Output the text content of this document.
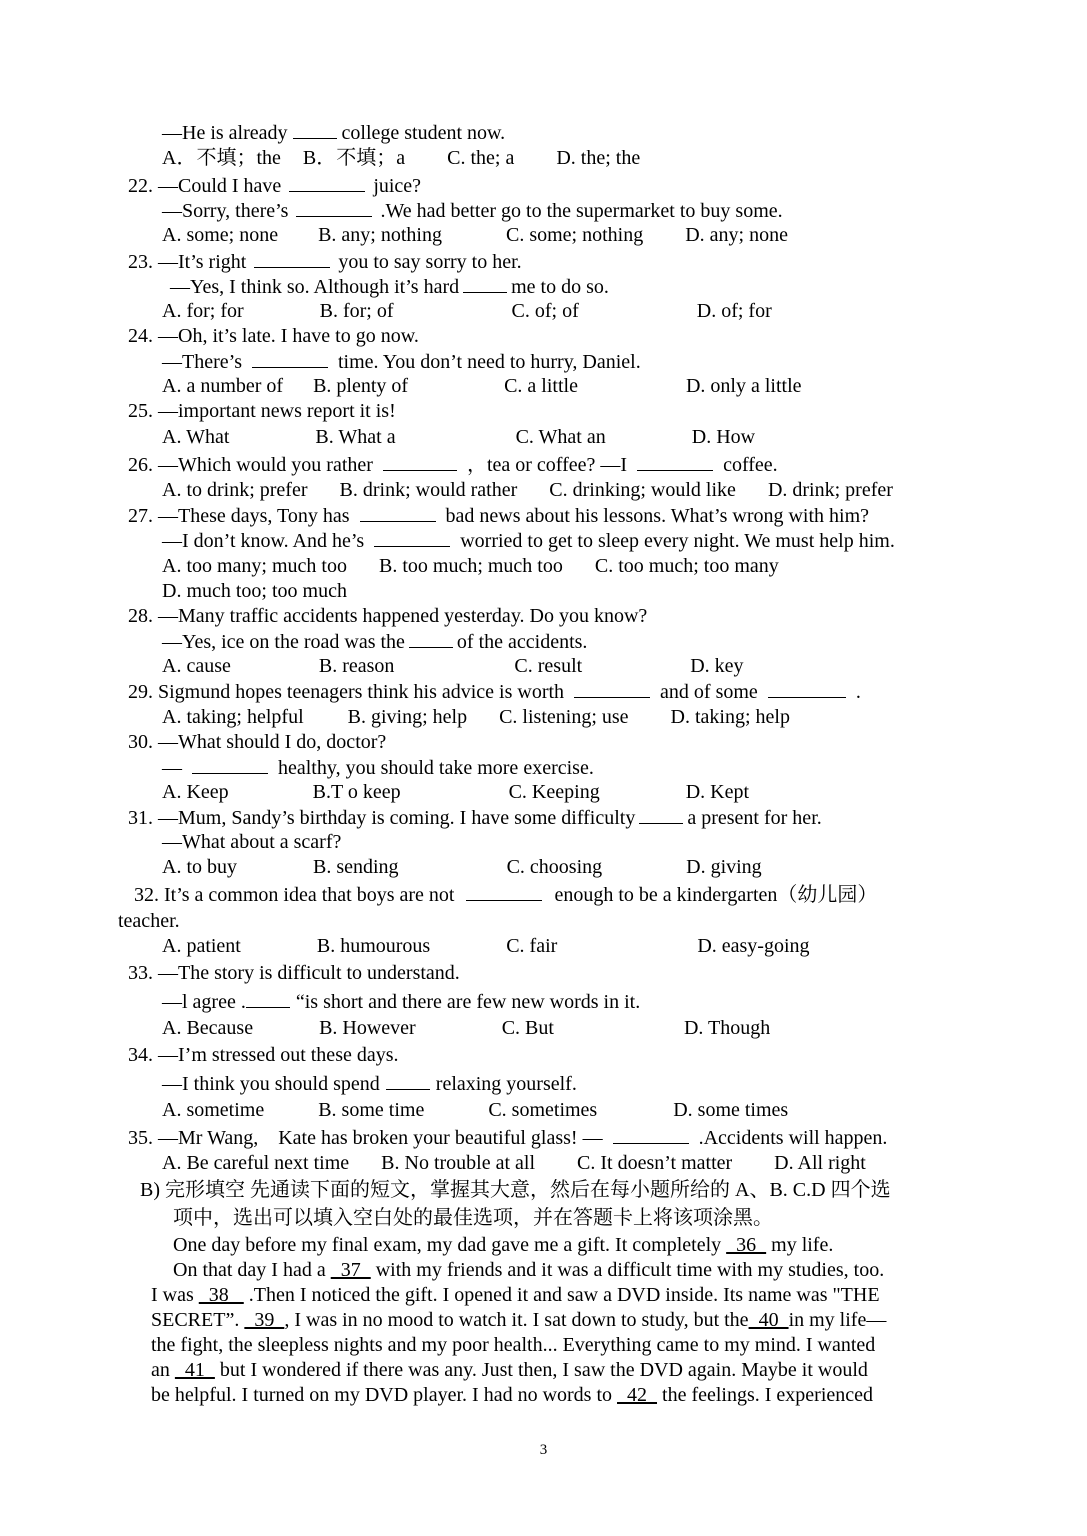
—He is already  college student now.
A．不填；the B．不填；a C. the; a D. the; the
22. —Could I have	juice?
—Sorry, there’s	.We had better go to the supermarket to buy some.
A. some; none B. any; nothing	C. some; nothing D. any; none
23. —It’s right	you to say sorry to her.
—Yes, I think so. Although it’s hard	me to do so.
A. for; for	B. for; of	C. of; of	D. of; for
24. —Oh, it’s late. I have to go now.
—There’s	time. You don’t need to hurry, Daniel.
A. a number of B. plenty of	C. a little	D. only a little
25. —important news report it is!
A. What	B. What a	C. What an	D. How
26. —Which would you rather	，tea or coffee? —I	coffee.
A. to drink; prefer B. drink; would rather C. drinking; would like D. drink; prefer
27. —These days, Tony has	bad news about his lessons. What’s wrong with him?
—I don’t know. And he’s	worried to get to sleep every night. We must help him.
A. too many; much too B. too much; much too C. too much; too many
D. much too; too much
28. —Many traffic accidents happened yesterday. Do you know?
—Yes, ice on the road was the	of the accidents.
A. cause	B. reason	C. result	D. key
29. Sigmund hopes teenagers think his advice is worth	and of some	.
A. taking; helpful B. giving; help C. listening; use D. taking; help
30. —What should I do, doctor?
—	healthy, you should take more exercise.
A. Keep	B.T o keep	C. Keeping	D. Kept
31. —Mum, Sandy’s birthday is coming. I have some difficulty	a present for her.
—What about a scarf?
A. to buy	B. sending	C. choosing	D. giving
32. It’s a common idea that boys are not	enough to be a kindergarten（幼儿园）
teacher.
A. patient	B. humourous	C. fair	D. easy-going
33. —The story is difficult to understand.
—l agree .	“is short and there are few new words in it.
A. Because	B. However	C. But	D. Though
34. —I’m stressed out these days.
—I think you should spend	relaxing yourself.
A. sometime	B. some time	C. sometimes	D. some times
35. —Mr Wang,　Kate has broken your beautiful glass! —	.Accidents will happen.
A. Be careful next time B. No trouble at all C. It doesn’t matter D. All right
B) 完形填空 先通读下面的短文，掌握其大意，然后在每小题所给的 A、B. C.D 四个选
项中，选出可以填入空白处的最佳选项，并在答题卡上将该项涂黑。
One day before my final exam, my dad gave me a gift. It completely   36   my life.
On that day I had a   37   with my friends and it was a difficult time with my studies, too.
I was   38    .Then I noticed the gift. I opened it and saw a DVD inside. Its name was "THE
SECRET”.   39  , I was in no mood to watch it. I sat down to study, but the  40  in my life—
the fight, the sleepless nights and my poor health... Everything came to my mind. I wanted
an   41   but I wondered if there was any. Just then, I saw the DVD again. Maybe it would
be helpful. I turned on my DVD player. I had no words to   42   the feelings. I experienced
3
